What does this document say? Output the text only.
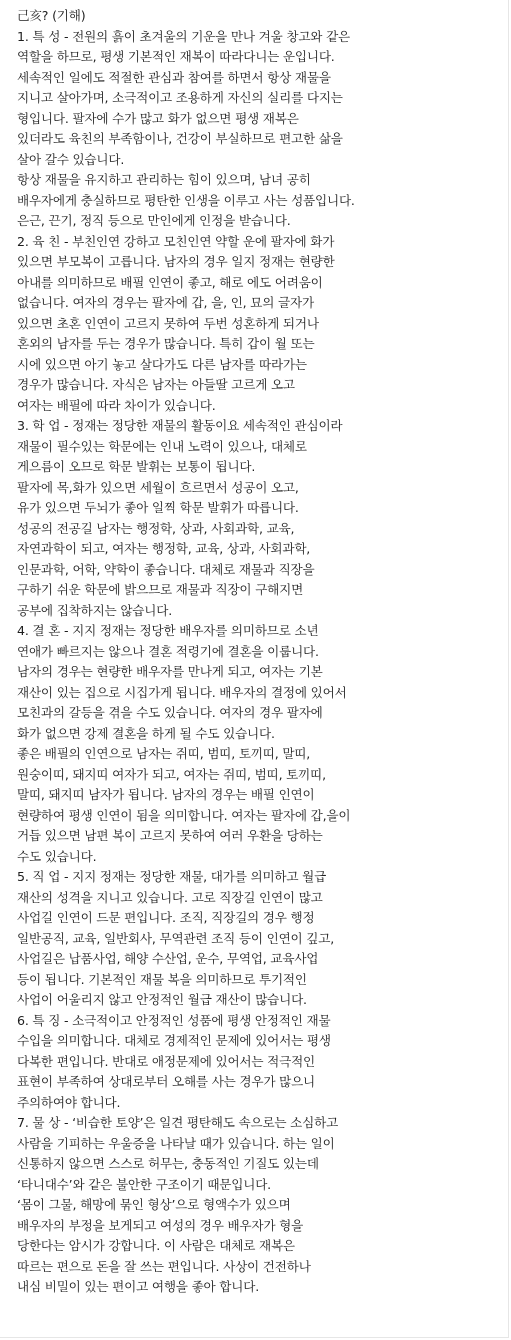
己亥? (기해)
1. 특 성 - 전원의 흙이 초겨울의 기운을 만나 겨울 창고와 같은
역할을 하므로, 평생 기본적인 재복이 따라다니는 운입니다.
세속적인 일에도 적절한 관심과 참여를 하면서 항상 재물을
지니고 살아가며, 소극적이고 조용하게 자신의 실리를 다지는
형입니다. 팔자에 수가 많고 화가 없으면 평생 재복은
있더라도 육친의 부족함이나, 건강이 부실하므로 편고한 삶을
살아 갈수 있습니다.
항상 재물을 유지하고 관리하는 힘이 있으며, 남녀 공히
배우자에게 충실하므로 평탄한 인생을 이루고 사는 성품입니다.
은근, 끈기, 정직 등으로 만인에게 인정을 받습니다.
2. 육 친 - 부친인연 강하고 모친인연 약할 운에 팔자에 화가
있으면 부모복이 고릅니다. 남자의 경우 일지 정재는 현량한
아내를 의미하므로 배필 인연이 좋고, 해로 에도 어려움이
없습니다. 여자의 경우는 팔자에 갑, 을, 인, 묘의 글자가
있으면 초혼 인연이 고르지 못하여 두번 성혼하게 되거나
혼외의 남자를 두는 경우가 많습니다. 특히 갑이 월 또는
시에 있으면 아기 놓고 살다가도 다른 남자를 따라가는
경우가 많습니다. 자식은 남자는 아들딸 고르게 오고
여자는 배필에 따라 차이가 있습니다.
3. 학 업 - 정재는 정당한 재물의 활동이요 세속적인 관심이라
재물이 필수있는 학문에는 인내 노력이 있으나, 대체로
게으름이 오므로 학문 발휘는 보통이 됩니다.
팔자에 목,화가 있으면 세월이 흐르면서 성공이 오고,
유가 있으면 두뇌가 좋아 일찍 학문 발휘가 따릅니다.
성공의 전공길 남자는 행정학, 상과, 사회과학, 교육,
자연과학이 되고, 여자는 행정학, 교육, 상과, 사회과학,
인문과학, 어학, 약학이 좋습니다. 대체로 재물과 직장을
구하기 쉬운 학문에 밝으므로 재물과 직장이 구해지면
공부에 집착하지는 않습니다.
4. 결 혼 - 지지 정재는 정당한 배우자를 의미하므로 소년
연애가 빠르지는 않으나 결혼 적령기에 결혼을 이룹니다.
남자의 경우는 현량한 배우자를 만나게 되고, 여자는 기본
재산이 있는 집으로 시집가게 됩니다. 배우자의 결정에 있어서
모친과의 갈등을 겪을 수도 있습니다. 여자의 경우 팔자에
화가 없으면 강제 결혼을 하게 될 수도 있습니다.
좋은 배필의 인연으로 남자는 쥐띠, 범띠, 토끼띠, 말띠,
원숭이띠, 돼지띠 여자가 되고, 여자는 쥐띠, 범띠, 토끼띠,
말띠, 돼지띠 남자가 됩니다. 남자의 경우는 배필 인연이
현량하여 평생 인연이 됨을 의미합니다. 여자는 팔자에 갑,을이
거듭 있으면 남편 복이 고르지 못하여 여러 우환을 당하는
수도 있습니다.
5. 직 업 - 지지 정재는 정당한 재물, 대가를 의미하고 월급
재산의 성격을 지니고 있습니다. 고로 직장길 인연이 많고
사업길 인연이 드문 편입니다. 조직, 직장길의 경우 행정
일반공직, 교육, 일반회사, 무역관련 조직 등이 인연이 깊고,
사업길은 납품사업, 해양 수산업, 운수, 무역업, 교육사업
등이 됩니다. 기본적인 재물 복을 의미하므로 투기적인
사업이 어울리지 않고 안정적인 월급 재산이 많습니다.
6. 특 징 - 소극적이고 안정적인 성품에 평생 안정적인 재물
수입을 의미합니다. 대체로 경제적인 문제에 있어서는 평생
다복한 편입니다. 반대로 애정문제에 있어서는 적극적인
표현이 부족하여 상대로부터 오해를 사는 경우가 많으니
주의하여야 합니다.
7. 물 상 - ‘비습한 토양’은 일견 평탄해도 속으로는 소심하고
사람을 기피하는 우울증을 나타날 때가 있습니다. 하는 일이
신통하지 않으면 스스로 허무는, 충동적인 기질도 있는데
‘타니대수’와 같은 불안한 구조이기 때문입니다.
‘몸이 그물, 해망에 묶인 형상’으로 형액수가 있으며
배우자의 부정을 보게되고 여성의 경우 배우자가 형을
당한다는 암시가 강합니다. 이 사람은 대체로 재복은
따르는 편으로 돈을 잘 쓰는 편입니다. 사상이 건전하나
내심 비밀이 있는 편이고 여행을 좋아 합니다.
